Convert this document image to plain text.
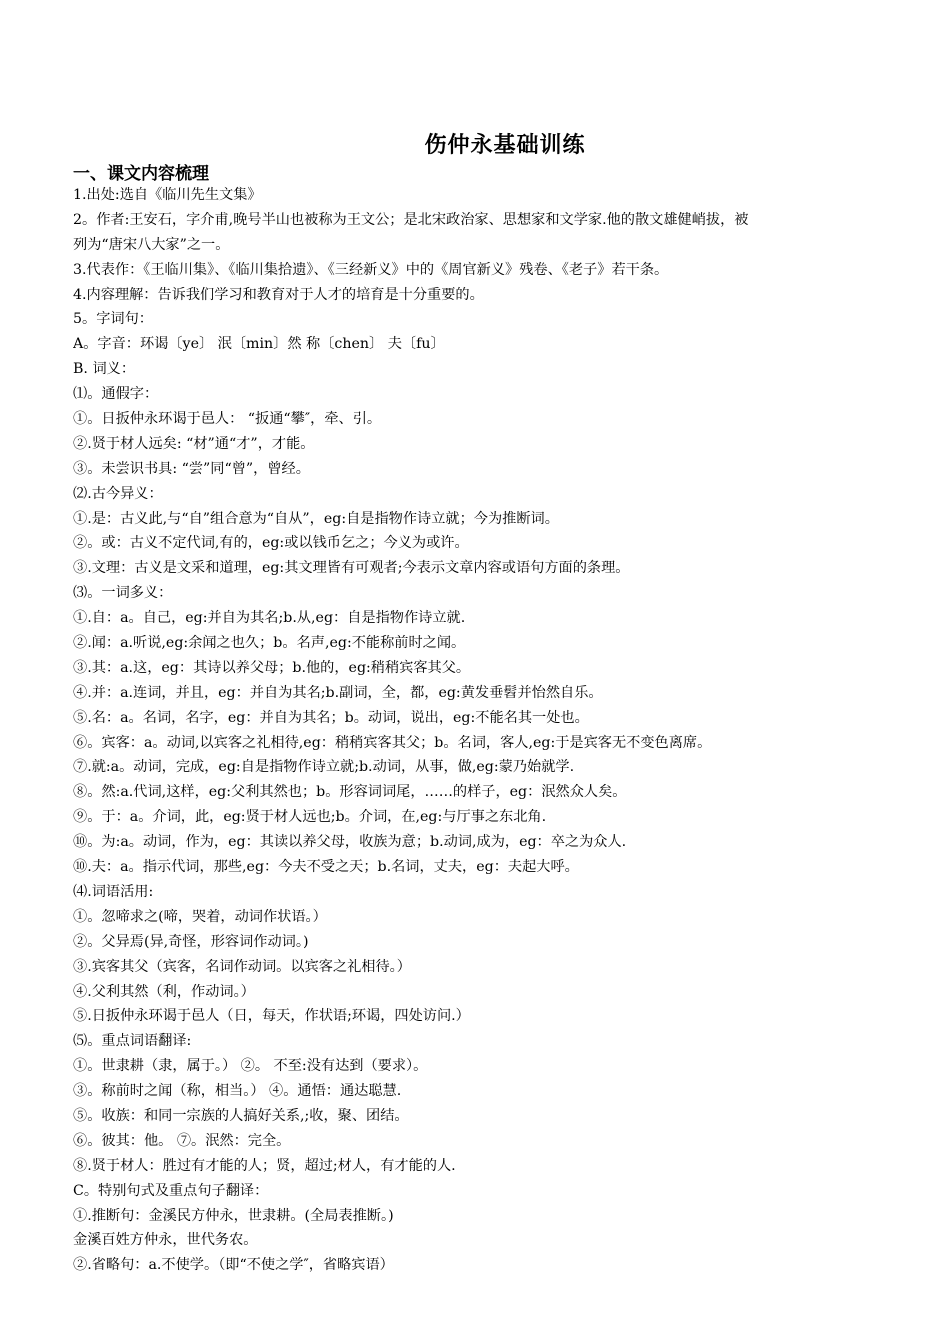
伤仲永基础训练
一、课文内容梳理
1.出处:选自《临川先生文集》
2。作者:王安石，字介甫,晚号半山也被称为王文公；是北宋政治家、思想家和文学家.他的散文雄健峭拔，被
列为“唐宋八大家”之一。
3.代表作：《王临川集》、《临川集拾遗》、《三经新义》中的《周官新义》残卷、《老子》若干条。
4.内容理解：告诉我们学习和教育对于人才的培育是十分重要的。
5。字词句：
A。字音：环谒〔ye〕 泯〔min〕然 称〔chen〕 夫〔fu〕
B. 词义：
⑴。通假字：
①。日扳仲永环谒于邑人： “扳通“攀″，牵、引。
②.贤于材人远矣: “材”通“才”，才能。
③。未尝识书具: “尝”同“曾”，曾经。
⑵.古今异义：
①.是：古义此,与“自”组合意为“自从”，eg:自是指物作诗立就；今为推断词。
②。或：古义不定代词,有的，eg:或以钱币乞之；今义为或许。
③.文理：古义是文采和道理，eg:其文理皆有可观者;今表示文章内容或语句方面的条理。
⑶。一词多义：
①.自：a。自己，eg:并自为其名;b.从,eg：自是指物作诗立就.
②.闻：a.听说,eg:余闻之也久；b。名声,eg:不能称前时之闻。
③.其：a.这，eg：其诗以养父母；b.他的，eg:稍稍宾客其父。
④.并：a.连词，并且，eg：并自为其名;b.副词，全，都，eg:黄发垂髫并怡然自乐。
⑤.名：a。名词，名字，eg：并自为其名；b。动词，说出，eg:不能名其一处也。
⑥。宾客：a。动词,以宾客之礼相待,eg：稍稍宾客其父；b。名词，客人,eg:于是宾客无不变色离席。
⑦.就:a。动词，完成，eg:自是指物作诗立就;b.动词，从事，做,eg:蒙乃始就学.
⑧。然:a.代词,这样，eg:父利其然也；b。形容词词尾，……的样子，eg：泯然众人矣。
⑨。于：a。介词，此，eg:贤于材人远也;b。介词，在,eg:与厅事之东北角.
⑩。为:a。动词，作为，eg：其读以养父母，收族为意；b.动词,成为，eg：卒之为众人.
⑩.夫：a。指示代词，那些,eg：今夫不受之天；b.名词，丈夫，eg：夫起大呼。
⑷.词语活用:
①。忽啼求之(啼，哭着，动词作状语。）
②。父异焉(异,奇怪，形容词作动词。)
③.宾客其父（宾客，名词作动词。以宾客之礼相待。）
④.父利其然（利，作动词。）
⑤.日扳仲永环谒于邑人（日，每天，作状语;环谒，四处访问.）
⑸。重点词语翻译:
①。世隶耕（隶，属于。） ②。 不至:没有达到（要求）。
③。称前时之闻（称，相当。） ④。通悟：通达聪慧.
⑤。收族：和同一宗族的人搞好关系,;收，聚、团结。
⑥。彼其：他。 ⑦。泯然：完全。
⑧.贤于材人：胜过有才能的人；贤，超过;材人，有才能的人.
C。特别句式及重点句子翻译：
①.推断句：金溪民方仲永，世隶耕。(全局表推断。)
金溪百姓方仲永，世代务农。
②.省略句：a.不使学。（即“不使之学″，省略宾语）
